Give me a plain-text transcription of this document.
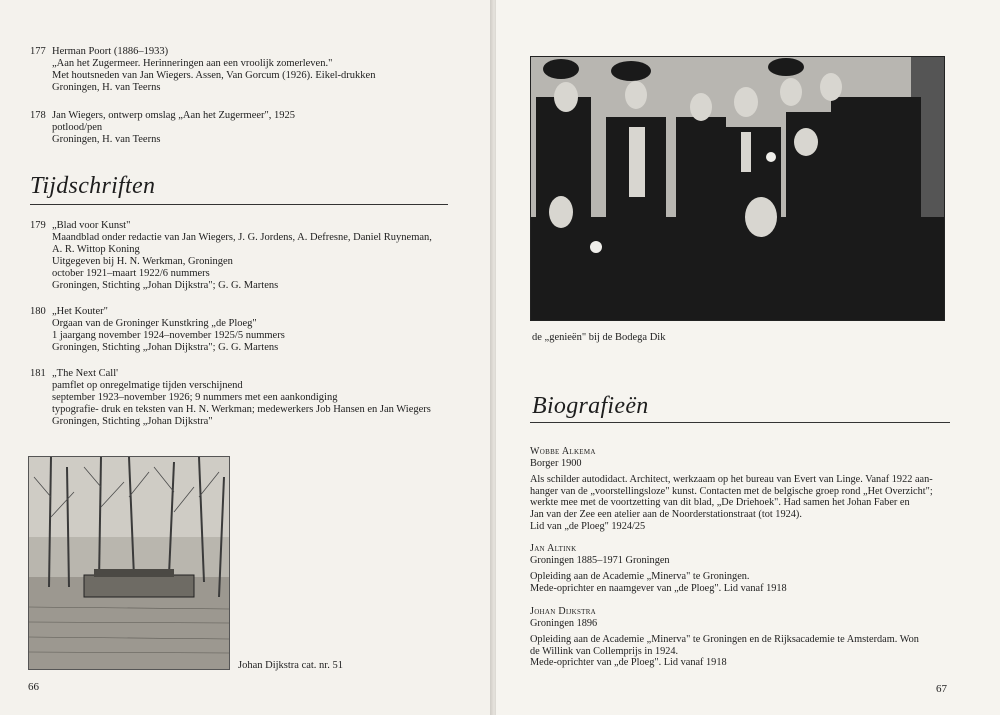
177 Herman Poort (1886–1933)
„Aan het Zugermeer. Herinneringen aan een vroolijk zomerleven."
Met houtsneden van Jan Wiegers. Assen, Van Gorcum (1926). Eikel-drukken
Groningen, H. van Teerns
178 Jan Wiegers, ontwerp omslag „Aan het Zugermeer", 1925
potlood/pen
Groningen, H. van Teerns
Tijdschriften
179 „Blad voor Kunst"
Maandblad onder redactie van Jan Wiegers, J. G. Jordens, A. Defresne, Daniel Ruyneman,
A. R. Wittop Koning
Uitgegeven bij H. N. Werkman, Groningen
october 1921–maart 1922/6 nummers
Groningen, Stichting „Johan Dijkstra"; G. G. Martens
180 „Het Kouter"
Orgaan van de Groninger Kunstkring „de Ploeg"
1 jaargang november 1924–november 1925/5 nummers
Groningen, Stichting „Johan Dijkstra"; G. G. Martens
181 „The Next Call'
pamflet op onregelmatige tijden verschijnend
september 1923–november 1926; 9 nummers met een aankondiging
typografie- druk en teksten van H. N. Werkman; medewerkers Job Hansen en Jan Wiegers
Groningen, Stichting „Johan Dijkstra"
Johan Dijkstra cat. nr. 51
66
de „genieën" bij de Bodega Dik
Biografieën
Wobbe Alkema
Borger 1900
Als schilder autodidact. Architect, werkzaam op het bureau van Evert van Linge. Vanaf 1922 aan-
hanger van de „voorstellingsloze" kunst. Contacten met de belgische groep rond „Het Overzicht";
werkte mee met de voortzetting van dit blad, „De Driehoek". Had samen het Johan Faber en
Jan van der Zee een atelier aan de Noorderstationstraat (tot 1924).
Lid van „de Ploeg" 1924/25
Jan Altink
Groningen 1885–1971 Groningen
Opleiding aan de Academie „Minerva" te Groningen.
Mede-oprichter en naamgever van „de Ploeg". Lid vanaf 1918
Johan Dijkstra
Groningen 1896
Opleiding aan de Academie „Minerva" te Groningen en de Rijksacademie te Amsterdam. Won
de Willink van Collemprijs in 1924.
Mede-oprichter van „de Ploeg". Lid vanaf 1918
67
